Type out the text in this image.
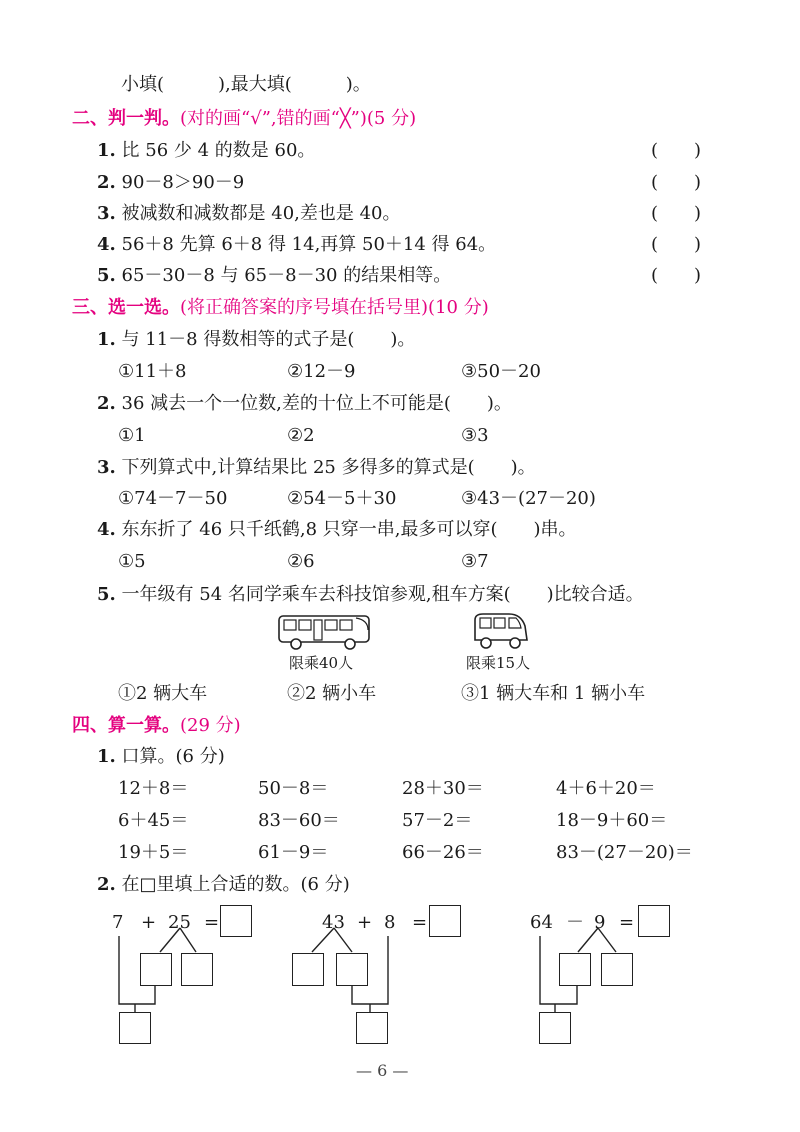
小填(　　　),最大填(　　　)。
二、判一判。(对的画“√”,错的画“╳”)(5 分)
1. 比 56 少 4 的数是 60。	(　　)
2. 90－8＞90－9	(　　)
3. 被减数和减数都是 40,差也是 40。	(　　)
4. 56＋8 先算 6＋8 得 14,再算 50＋14 得 64。	(　　)
5. 65－30－8 与 65－8－30 的结果相等。	(　　)
三、选一选。(将正确答案的序号填在括号里)(10 分)
1. 与 11－8 得数相等的式子是(　　)。
①11＋8	②12－9	③50－20
2. 36 减去一个一位数,差的十位上不可能是(　　)。
①1	②2	③3
3. 下列算式中,计算结果比 25 多得多的算式是(　　)。
①74－7－50	②54－5＋30	③43－(27－20)
4. 东东折了 46 只千纸鹤,8 只穿一串,最多可以穿(　　)串。
①5	②6	③7
5. 一年级有 54 名同学乘车去科技馆参观,租车方案(　　)比较合适。
限乘40人	限乘15人
①2 辆大车	②2 辆小车	③1 辆大车和 1 辆小车
四、算一算。(29 分)
1. 口算。(6 分)
12＋8＝	50－8＝	28＋30＝	4＋6＋20＝
6＋45＝	83－60＝	57－2＝	18－9＋60＝
19＋5＝	61－9＝	66－26＝	83－(27－20)＝
2. 在□里填上合适的数。(6 分)
7 + 25 =	43 + 8 =	64 － 9 =
— 6 —
